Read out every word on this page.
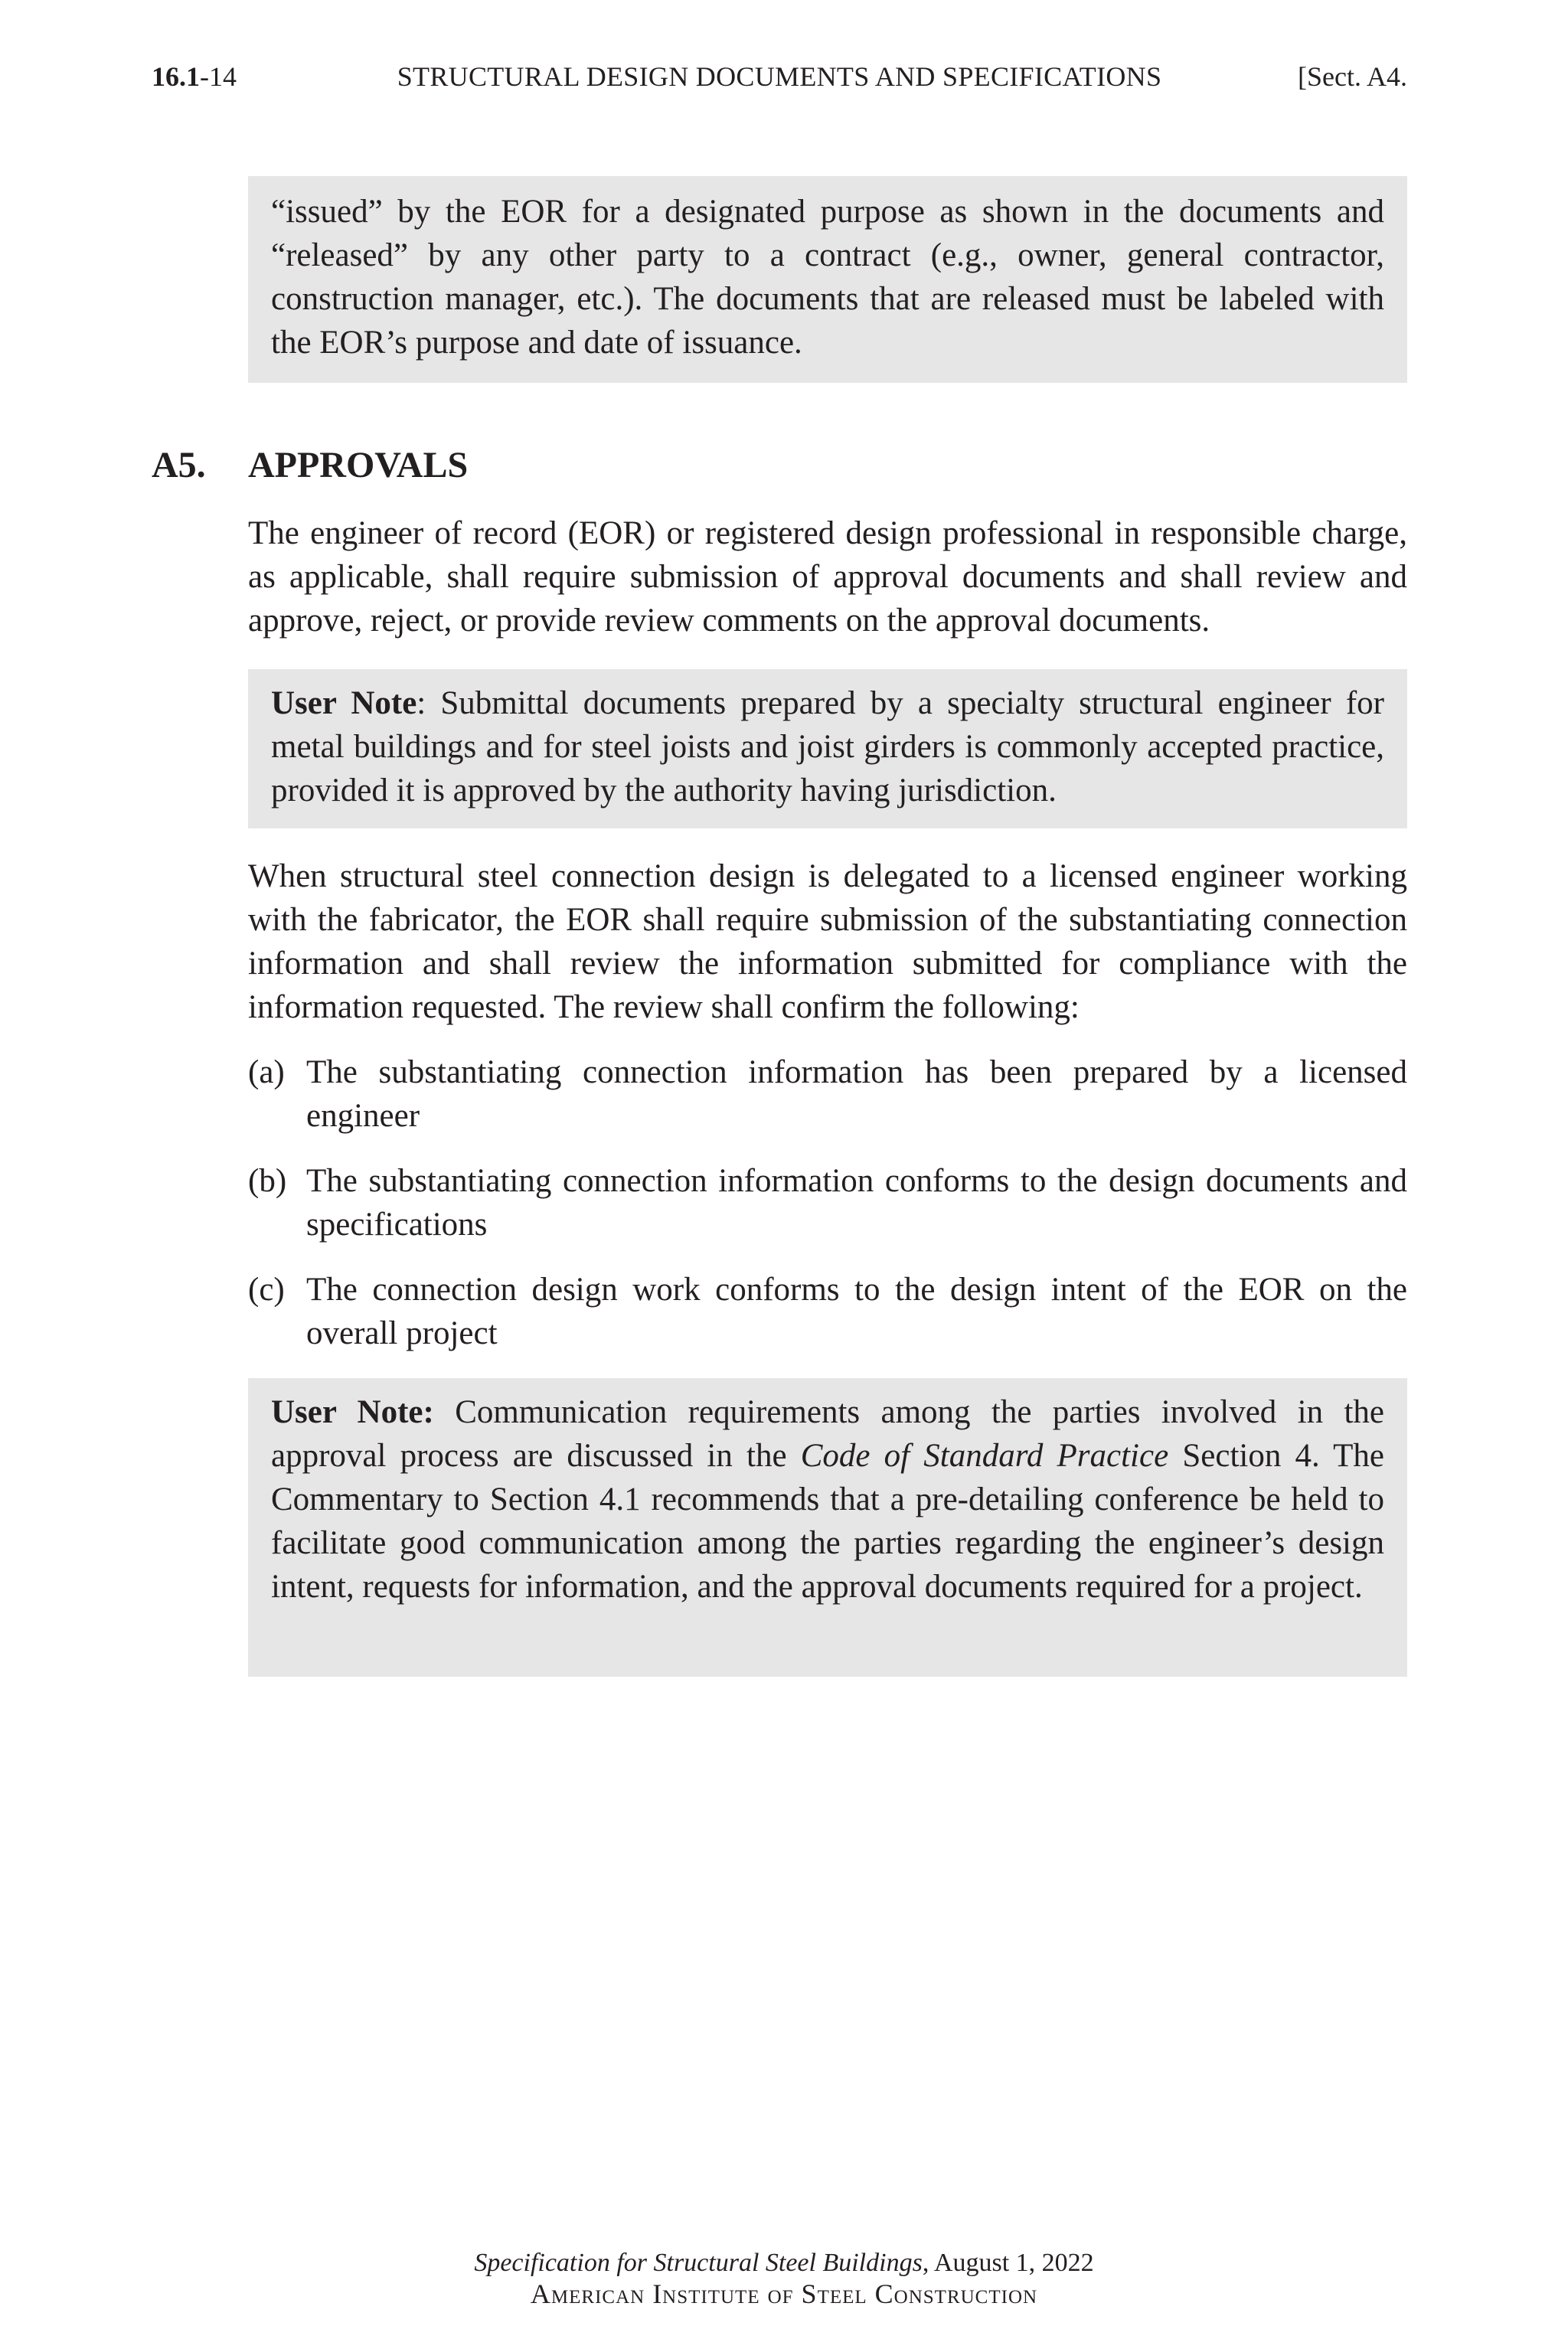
16.1-14	STRUCTURAL DESIGN DOCUMENTS AND SPECIFICATIONS	[Sect. A4.

“issued” by the EOR for a designated purpose as shown in the documents and “released” by any other party to a contract (e.g., owner, general contractor, construction manager, etc.). The documents that are released must be labeled with the EOR’s purpose and date of issuance.

A5. APPROVALS

The engineer of record (EOR) or registered design professional in responsible charge, as applicable, shall require submission of approval documents and shall review and approve, reject, or provide review comments on the approval documents.

User Note: Submittal documents prepared by a specialty structural engineer for metal buildings and for steel joists and joist girders is commonly accepted practice, provided it is approved by the authority having jurisdiction.

When structural steel connection design is delegated to a licensed engineer working with the fabricator, the EOR shall require submission of the substantiating connection information and shall review the information submitted for compliance with the information requested. The review shall confirm the following:

(a) The substantiating connection information has been prepared by a licensed engineer
(b) The substantiating connection information conforms to the design documents and specifications
(c) The connection design work conforms to the design intent of the EOR on the overall project

User Note: Communication requirements among the parties involved in the approval process are discussed in the Code of Standard Practice Section 4. The Commentary to Section 4.1 recommends that a pre-detailing conference be held to facilitate good communication among the parties regarding the engineer’s design intent, requests for information, and the approval documents required for a project.

Specification for Structural Steel Buildings, August 1, 2022
American Institute of Steel Construction
